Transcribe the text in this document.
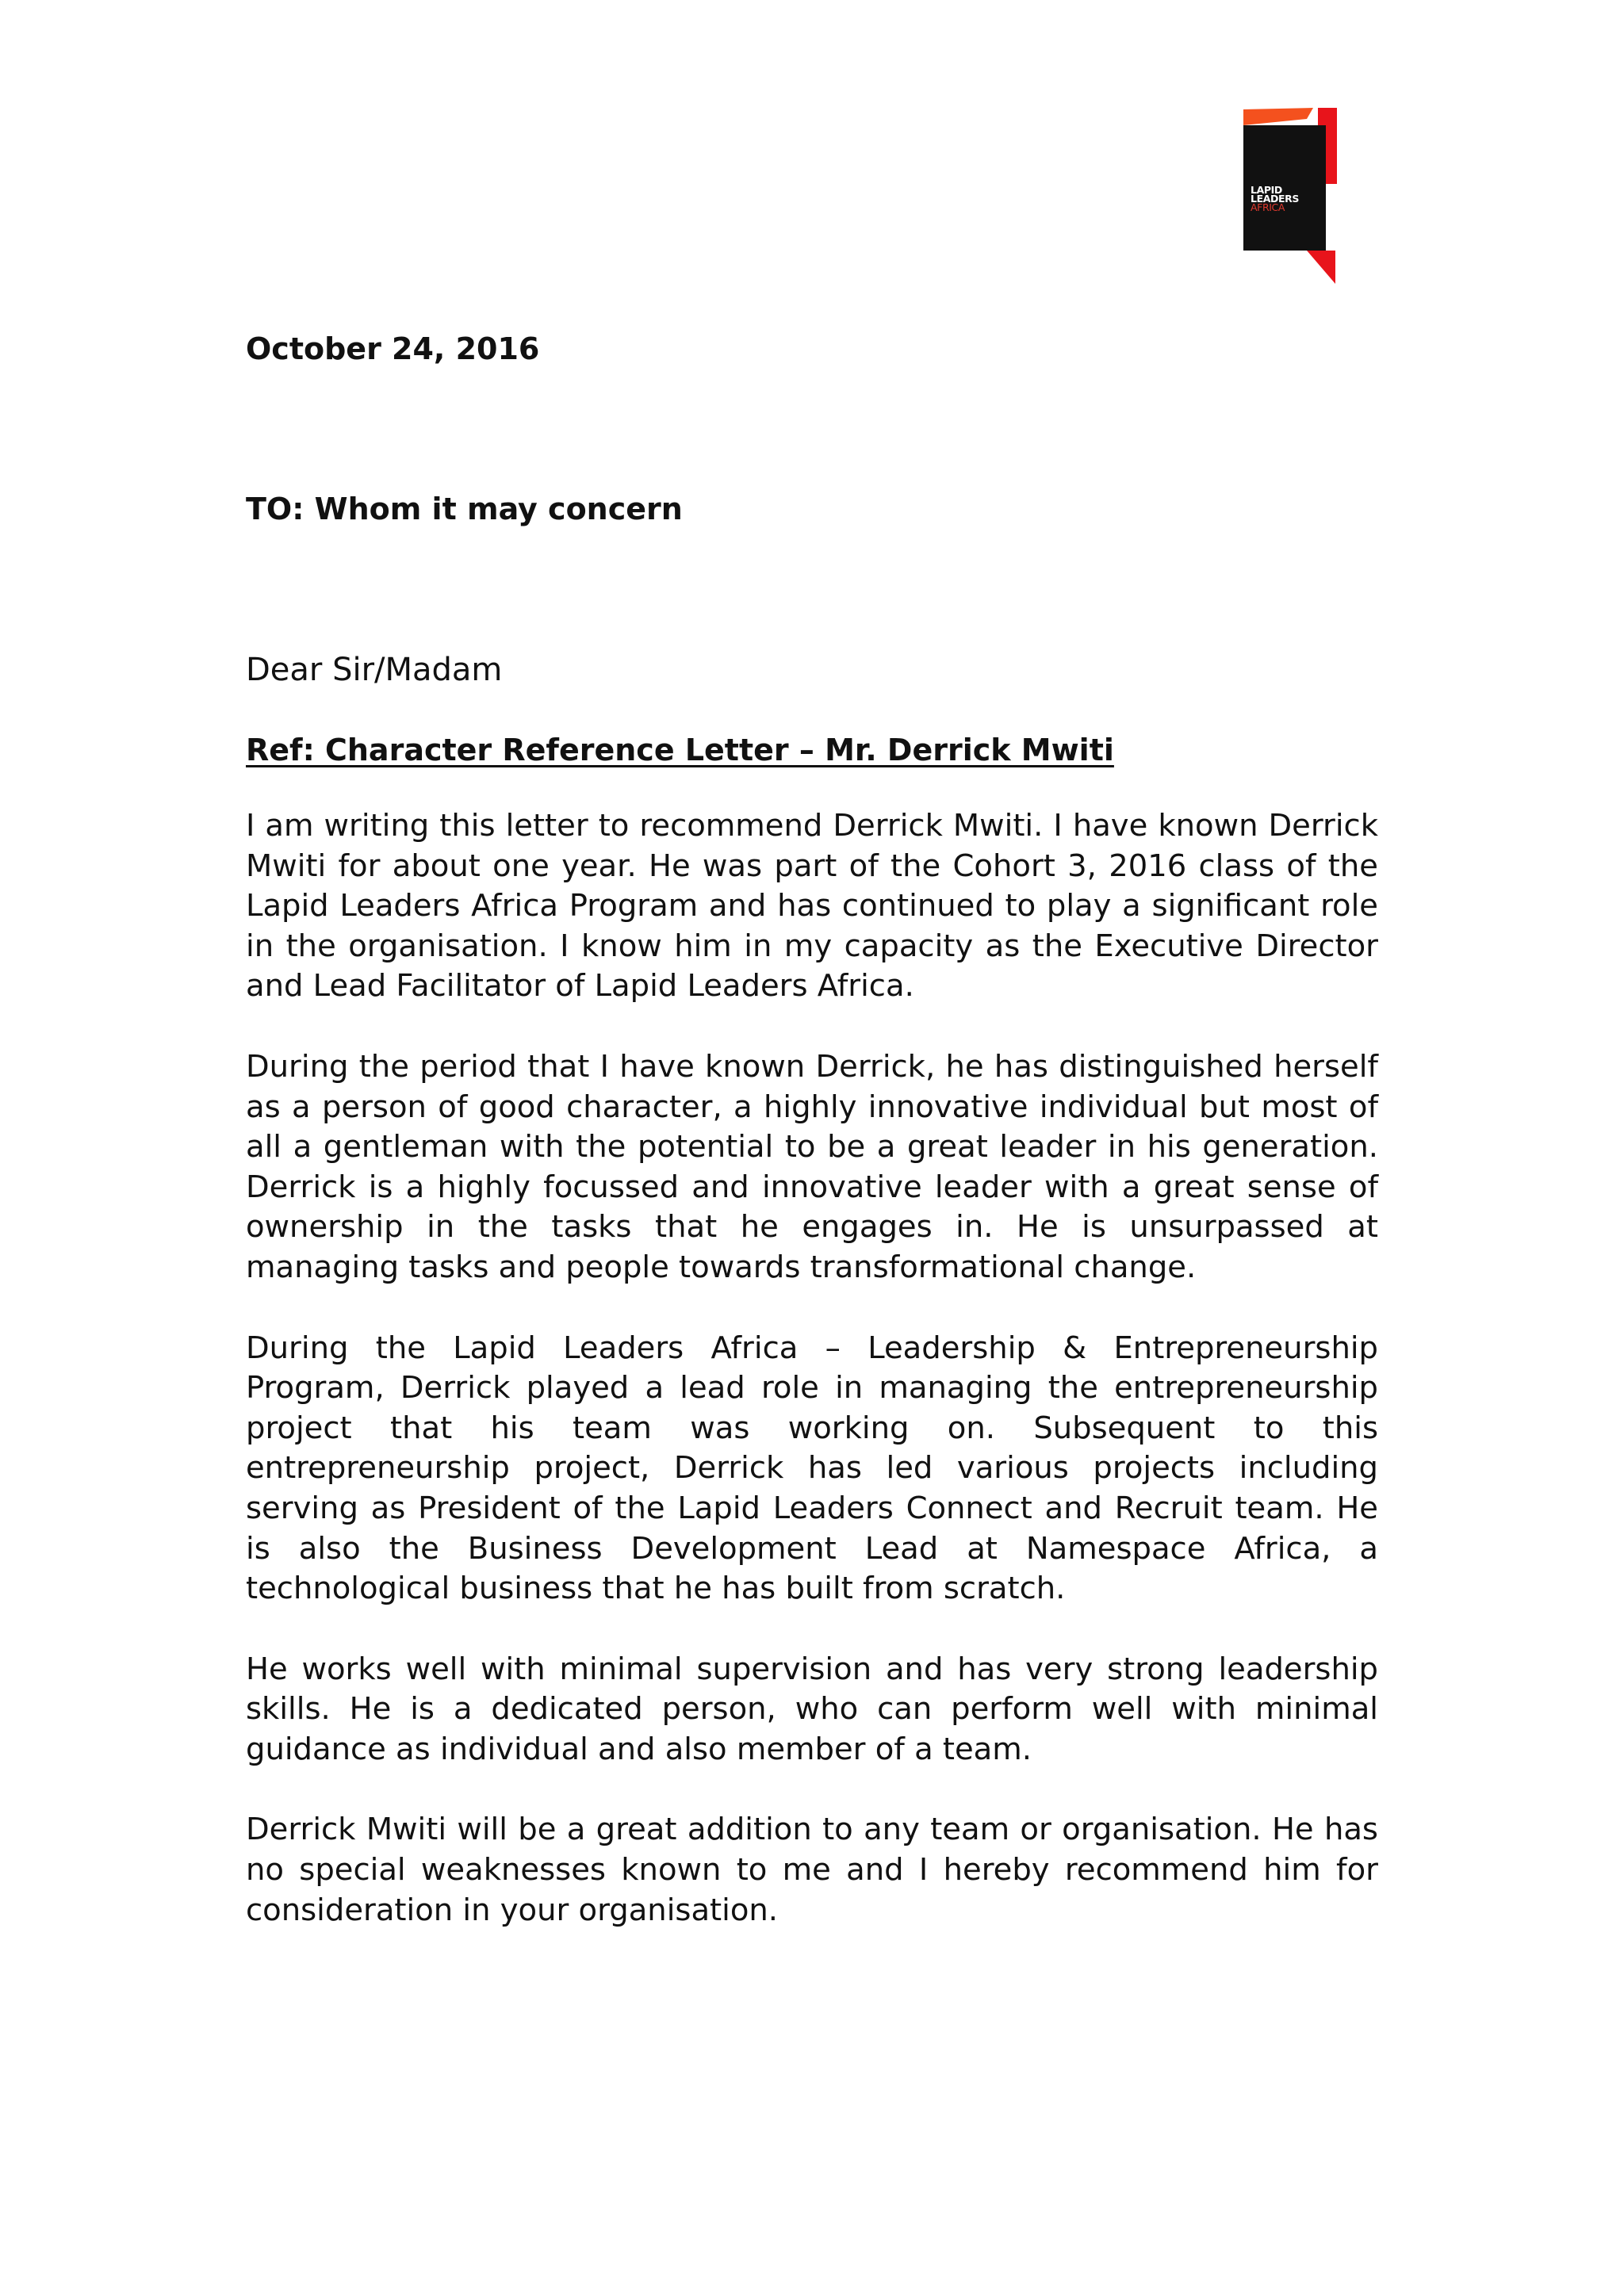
LAPID
LEADERS
AFRICA
October 24, 2016
TO: Whom it may concern
Dear Sir/Madam
Ref: Character Reference Letter – Mr. Derrick Mwiti

I am writing this letter to recommend Derrick Mwiti. I have known Derrick Mwiti for about one year. He was part of the Cohort 3, 2016 class of the Lapid Leaders Africa Program and has continued to play a significant role in the organisation. I know him in my capacity as the Executive Director and Lead Facilitator of Lapid Leaders Africa.

During the period that I have known Derrick, he has distinguished herself as a person of good character, a highly innovative individual but most of all a gentleman with the potential to be a great leader in his generation. Derrick is a highly focussed and innovative leader with a great sense of ownership in the tasks that he engages in. He is unsurpassed at managing tasks and people towards transformational change.

During the Lapid Leaders Africa – Leadership & Entrepreneurship Program, Derrick played a lead role in managing the entrepreneurship project that his team was working on. Subsequent to this entrepreneurship project, Derrick has led various projects including serving as President of the Lapid Leaders Connect and Recruit team. He is also the Business Development Lead at Namespace Africa, a technological business that he has built from scratch.

He works well with minimal supervision and has very strong leadership skills. He is a dedicated person, who can perform well with minimal guidance as individual and also member of a team.

Derrick Mwiti will be a great addition to any team or organisation. He has no special weaknesses known to me and I hereby recommend him for consideration in your organisation.
